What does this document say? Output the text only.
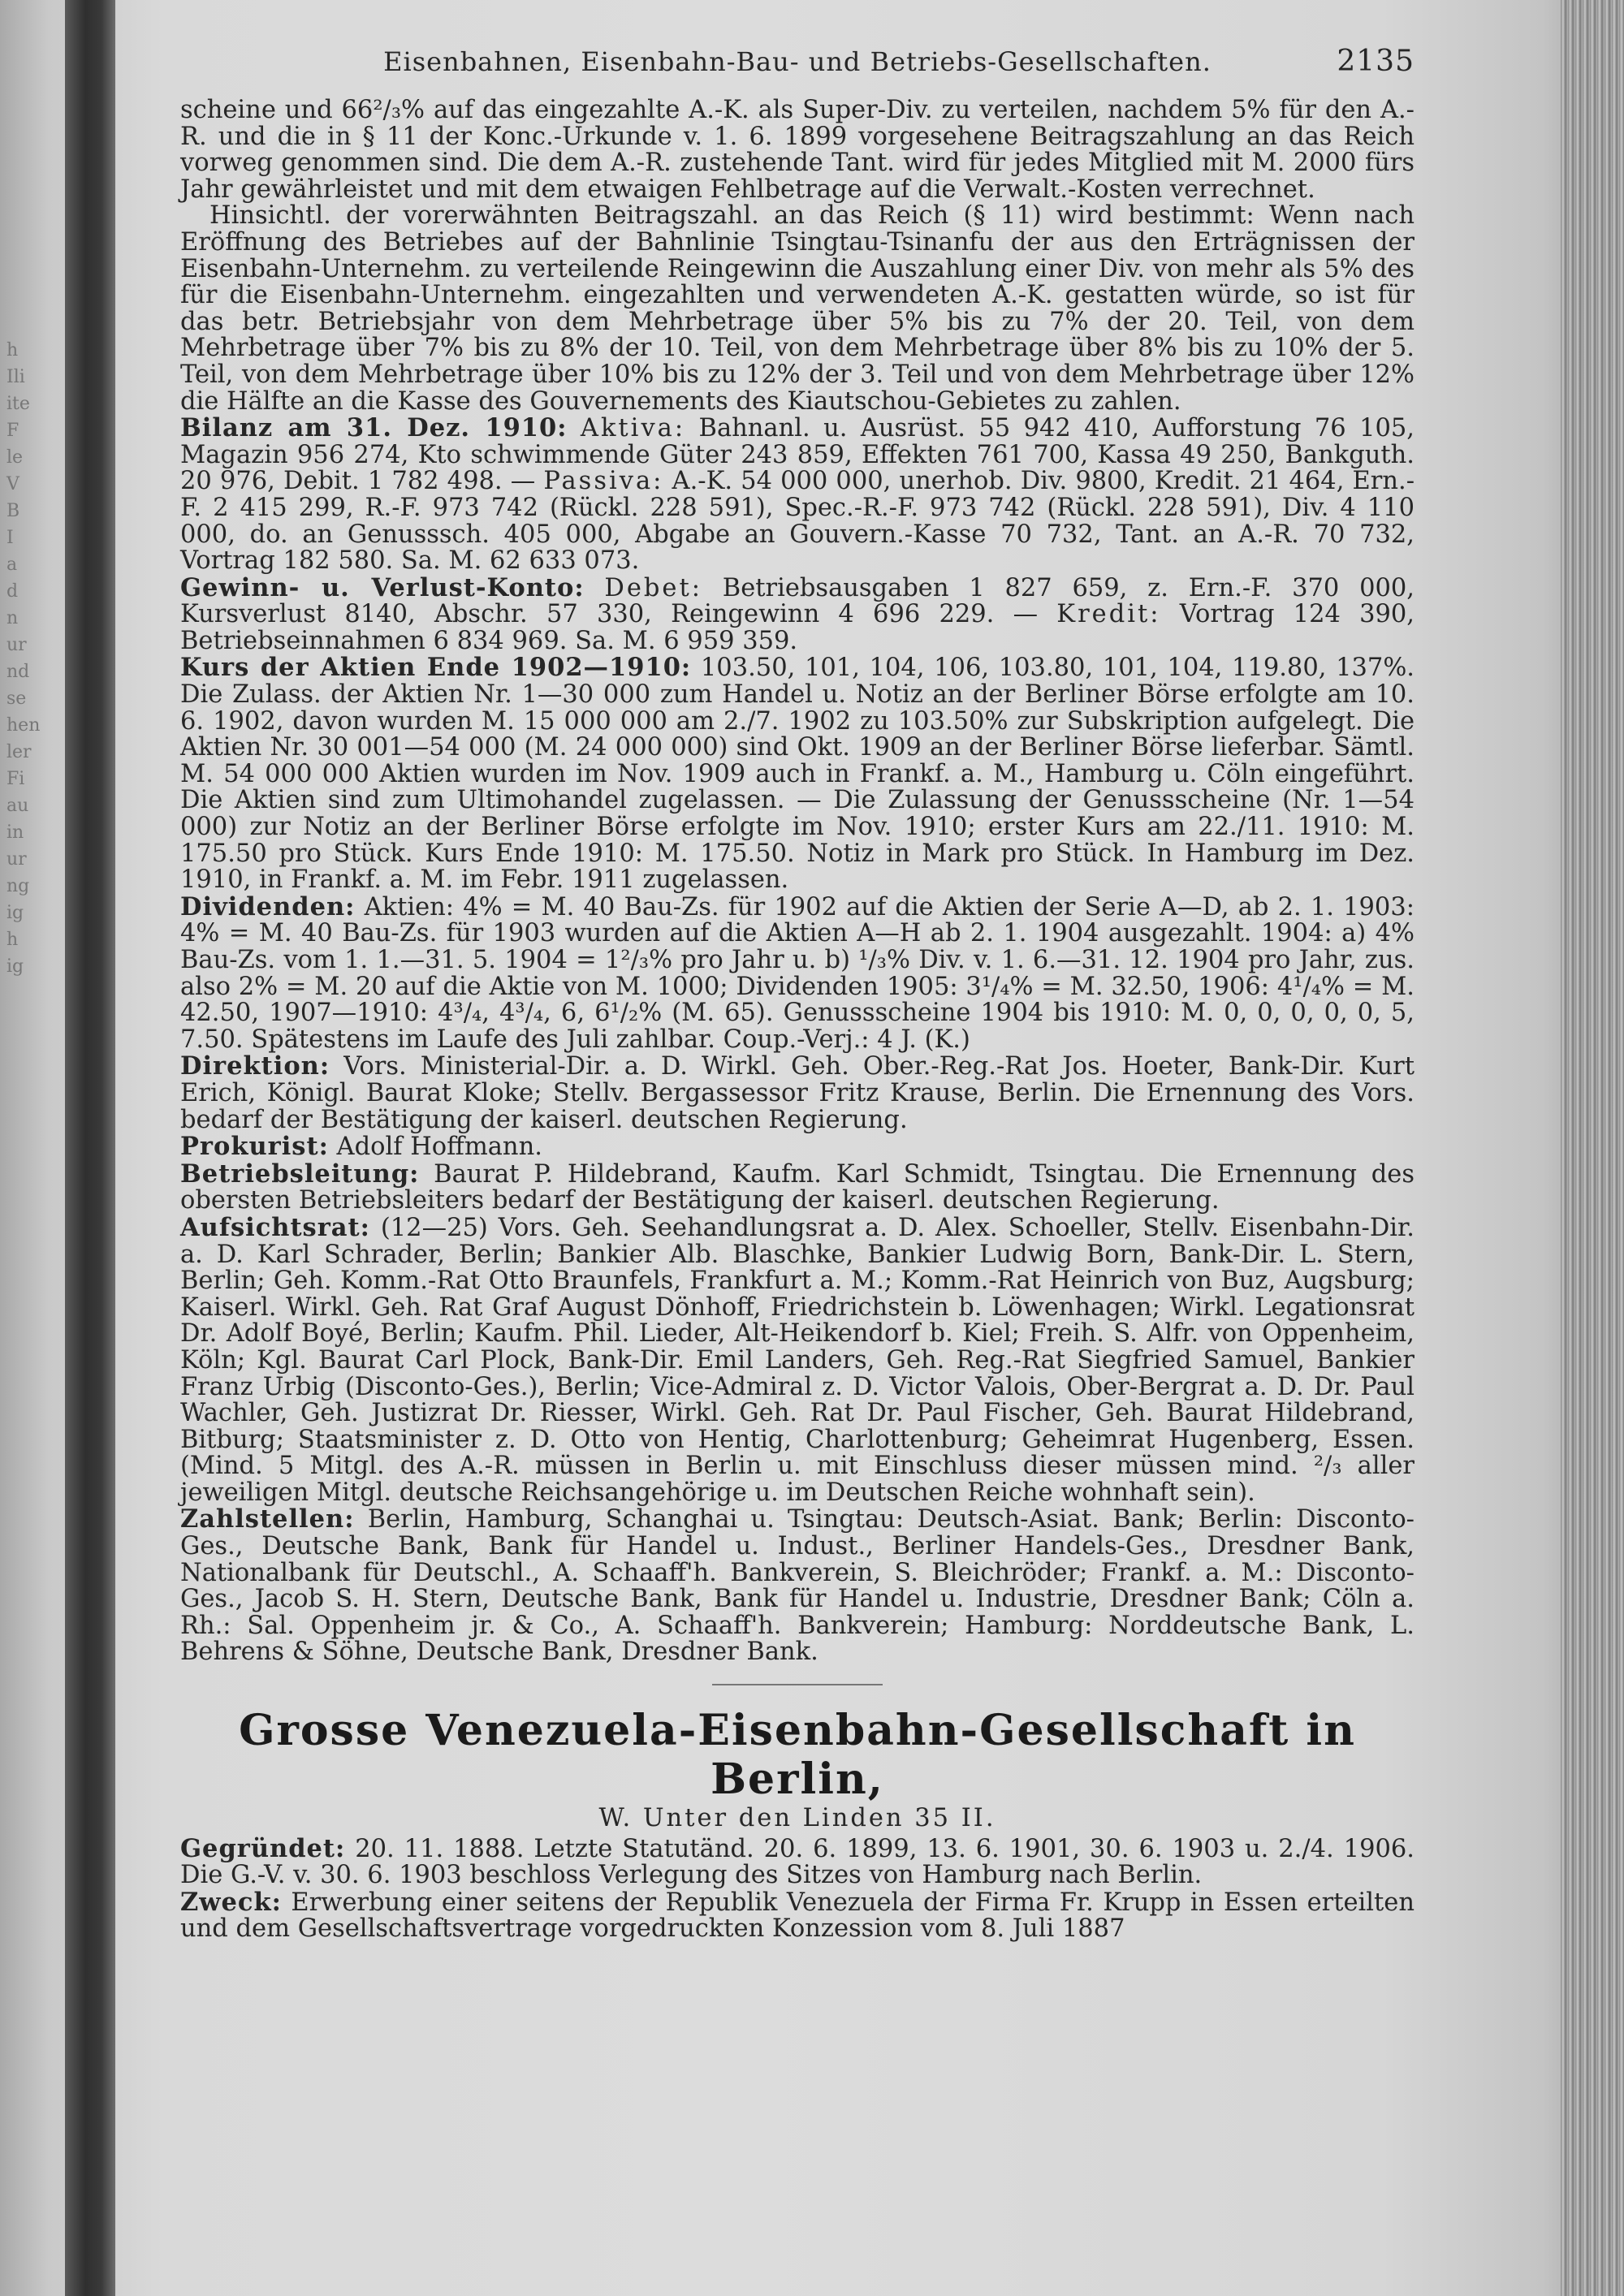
h
Ili
ite
F
le
V
B
I
a
d
n
ur
nd
se
hen
ler
Fi
au
in
ur
ng
ig
h
ig
Eisenbahnen, Eisenbahn-Bau- und Betriebs-Gesellschaften.	2135

scheine und 66²/₃% auf das eingezahlte A.-K. als Super-Div. zu verteilen, nachdem 5% für den A.-R. und die in § 11 der Konc.-Urkunde v. 1. 6. 1899 vorgesehene Beitragszahlung an das Reich vorweg genommen sind. Die dem A.-R. zustehende Tant. wird für jedes Mitglied mit M. 2000 fürs Jahr gewährleistet und mit dem etwaigen Fehlbetrage auf die Verwalt.-Kosten verrechnet.

Hinsichtl. der vorerwähnten Beitragszahl. an das Reich (§ 11) wird bestimmt: Wenn nach Eröffnung des Betriebes auf der Bahnlinie Tsingtau-Tsinanfu der aus den Erträgnissen der Eisenbahn-Unternehm. zu verteilende Reingewinn die Auszahlung einer Div. von mehr als 5% des für die Eisenbahn-Unternehm. eingezahlten und verwendeten A.-K. gestatten würde, so ist für das betr. Betriebsjahr von dem Mehrbetrage über 5% bis zu 7% der 20. Teil, von dem Mehrbetrage über 7% bis zu 8% der 10. Teil, von dem Mehrbetrage über 8% bis zu 10% der 5. Teil, von dem Mehrbetrage über 10% bis zu 12% der 3. Teil und von dem Mehrbetrage über 12% die Hälfte an die Kasse des Gouvernements des Kiautschou-Gebietes zu zahlen.

Bilanz am 31. Dez. 1910: Aktiva: Bahnanl. u. Ausrüst. 55 942 410, Aufforstung 76 105, Magazin 956 274, Kto schwimmende Güter 243 859, Effekten 761 700, Kassa 49 250, Bankguth. 20 976, Debit. 1 782 498. — Passiva: A.-K. 54 000 000, unerhob. Div. 9800, Kredit. 21 464, Ern.-F. 2 415 299, R.-F. 973 742 (Rückl. 228 591), Spec.-R.-F. 973 742 (Rückl. 228 591), Div. 4 110 000, do. an Genusssch. 405 000, Abgabe an Gouvern.-Kasse 70 732, Tant. an A.-R. 70 732, Vortrag 182 580. Sa. M. 62 633 073.

Gewinn- u. Verlust-Konto: Debet: Betriebsausgaben 1 827 659, z. Ern.-F. 370 000, Kursverlust 8140, Abschr. 57 330, Reingewinn 4 696 229. — Kredit: Vortrag 124 390, Betriebseinnahmen 6 834 969. Sa. M. 6 959 359.

Kurs der Aktien Ende 1902—1910: 103.50, 101, 104, 106, 103.80, 101, 104, 119.80, 137%. Die Zulass. der Aktien Nr. 1—30 000 zum Handel u. Notiz an der Berliner Börse erfolgte am 10. 6. 1902, davon wurden M. 15 000 000 am 2./7. 1902 zu 103.50% zur Subskription aufgelegt. Die Aktien Nr. 30 001—54 000 (M. 24 000 000) sind Okt. 1909 an der Berliner Börse lieferbar. Sämtl. M. 54 000 000 Aktien wurden im Nov. 1909 auch in Frankf. a. M., Hamburg u. Cöln eingeführt. Die Aktien sind zum Ultimohandel zugelassen. — Die Zulassung der Genussscheine (Nr. 1—54 000) zur Notiz an der Berliner Börse erfolgte im Nov. 1910; erster Kurs am 22./11. 1910: M. 175.50 pro Stück. Kurs Ende 1910: M. 175.50. Notiz in Mark pro Stück. In Hamburg im Dez. 1910, in Frankf. a. M. im Febr. 1911 zugelassen.

Dividenden: Aktien: 4% = M. 40 Bau-Zs. für 1902 auf die Aktien der Serie A—D, ab 2. 1. 1903: 4% = M. 40 Bau-Zs. für 1903 wurden auf die Aktien A—H ab 2. 1. 1904 ausgezahlt. 1904: a) 4% Bau-Zs. vom 1. 1.—31. 5. 1904 = 1²/₃% pro Jahr u. b) ¹/₃% Div. v. 1. 6.—31. 12. 1904 pro Jahr, zus. also 2% = M. 20 auf die Aktie von M. 1000; Dividenden 1905: 3¹/₄% = M. 32.50, 1906: 4¹/₄% = M. 42.50, 1907—1910: 4³/₄, 4³/₄, 6, 6¹/₂% (M. 65). Genussscheine 1904 bis 1910: M. 0, 0, 0, 0, 0, 5, 7.50. Spätestens im Laufe des Juli zahlbar. Coup.-Verj.: 4 J. (K.)

Direktion: Vors. Ministerial-Dir. a. D. Wirkl. Geh. Ober.-Reg.-Rat Jos. Hoeter, Bank-Dir. Kurt Erich, Königl. Baurat Kloke; Stellv. Bergassessor Fritz Krause, Berlin. Die Ernennung des Vors. bedarf der Bestätigung der kaiserl. deutschen Regierung.

Prokurist: Adolf Hoffmann.

Betriebsleitung: Baurat P. Hildebrand, Kaufm. Karl Schmidt, Tsingtau. Die Ernennung des obersten Betriebsleiters bedarf der Bestätigung der kaiserl. deutschen Regierung.

Aufsichtsrat: (12—25) Vors. Geh. Seehandlungsrat a. D. Alex. Schoeller, Stellv. Eisenbahn-Dir. a. D. Karl Schrader, Berlin; Bankier Alb. Blaschke, Bankier Ludwig Born, Bank-Dir. L. Stern, Berlin; Geh. Komm.-Rat Otto Braunfels, Frankfurt a. M.; Komm.-Rat Heinrich von Buz, Augsburg; Kaiserl. Wirkl. Geh. Rat Graf August Dönhoff, Friedrichstein b. Löwenhagen; Wirkl. Legationsrat Dr. Adolf Boyé, Berlin; Kaufm. Phil. Lieder, Alt-Heikendorf b. Kiel; Freih. S. Alfr. von Oppenheim, Köln; Kgl. Baurat Carl Plock, Bank-Dir. Emil Landers, Geh. Reg.-Rat Siegfried Samuel, Bankier Franz Urbig (Disconto-Ges.), Berlin; Vice-Admiral z. D. Victor Valois, Ober-Bergrat a. D. Dr. Paul Wachler, Geh. Justizrat Dr. Riesser, Wirkl. Geh. Rat Dr. Paul Fischer, Geh. Baurat Hildebrand, Bitburg; Staatsminister z. D. Otto von Hentig, Charlottenburg; Geheimrat Hugenberg, Essen. (Mind. 5 Mitgl. des A.-R. müssen in Berlin u. mit Einschluss dieser müssen mind. ²/₃ aller jeweiligen Mitgl. deutsche Reichsangehörige u. im Deutschen Reiche wohnhaft sein).

Zahlstellen: Berlin, Hamburg, Schanghai u. Tsingtau: Deutsch-Asiat. Bank; Berlin: Disconto-Ges., Deutsche Bank, Bank für Handel u. Indust., Berliner Handels-Ges., Dresdner Bank, Nationalbank für Deutschl., A. Schaaff'h. Bankverein, S. Bleichröder; Frankf. a. M.: Disconto-Ges., Jacob S. H. Stern, Deutsche Bank, Bank für Handel u. Industrie, Dresdner Bank; Cöln a. Rh.: Sal. Oppenheim jr. & Co., A. Schaaff'h. Bankverein; Hamburg: Norddeutsche Bank, L. Behrens & Söhne, Deutsche Bank, Dresdner Bank.

Grosse Venezuela-Eisenbahn-Gesellschaft in Berlin,

W. Unter den Linden 35 II.

Gegründet: 20. 11. 1888. Letzte Statutänd. 20. 6. 1899, 13. 6. 1901, 30. 6. 1903 u. 2./4. 1906. Die G.-V. v. 30. 6. 1903 beschloss Verlegung des Sitzes von Hamburg nach Berlin.

Zweck: Erwerbung einer seitens der Republik Venezuela der Firma Fr. Krupp in Essen erteilten und dem Gesellschaftsvertrage vorgedruckten Konzession vom 8. Juli 1887
